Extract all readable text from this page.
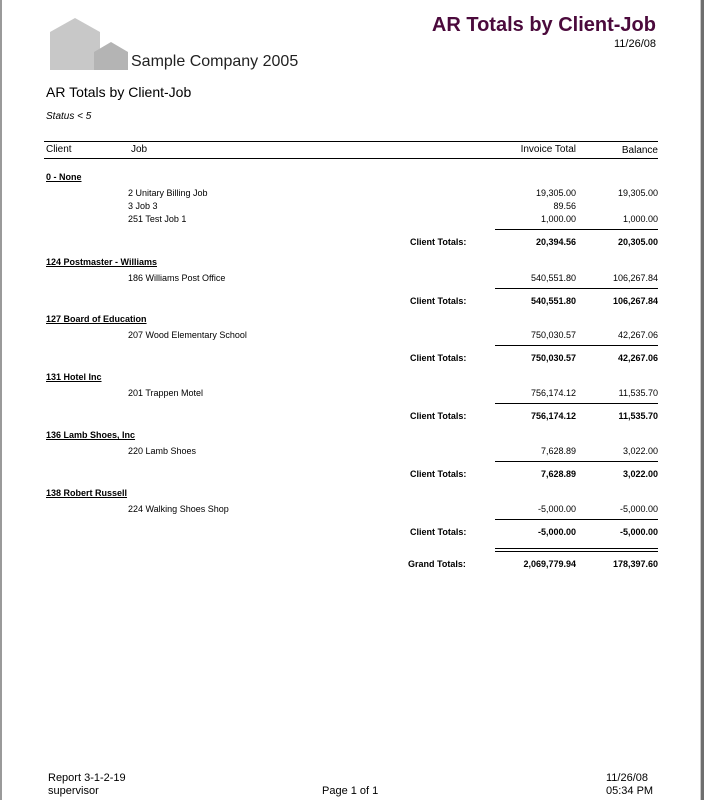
Sample Company 2005
AR Totals by Client-Job
11/26/08
AR Totals by Client-Job
Status < 5
Client	Job	Invoice Total	Balance
0 - None
2 Unitary Billing Job	19,305.00	19,305.00
3 Job 3	89.56
251 Test Job 1	1,000.00	1,000.00
Client Totals:	20,394.56	20,305.00
124 Postmaster - Williams
186 Williams Post Office	540,551.80	106,267.84
Client Totals:	540,551.80	106,267.84
127 Board of Education
207 Wood Elementary School	750,030.57	42,267.06
Client Totals:	750,030.57	42,267.06
131 Hotel Inc
201 Trappen Motel	756,174.12	11,535.70
Client Totals:	756,174.12	11,535.70
136 Lamb Shoes, Inc
220 Lamb Shoes	7,628.89	3,022.00
Client Totals:	7,628.89	3,022.00
138 Robert Russell
224 Walking Shoes Shop	-5,000.00	-5,000.00
Client Totals:	-5,000.00	-5,000.00
Grand Totals:	2,069,779.94	178,397.60
Report 3-1-2-19
supervisor	Page 1 of 1
11/26/08
05:34 PM
